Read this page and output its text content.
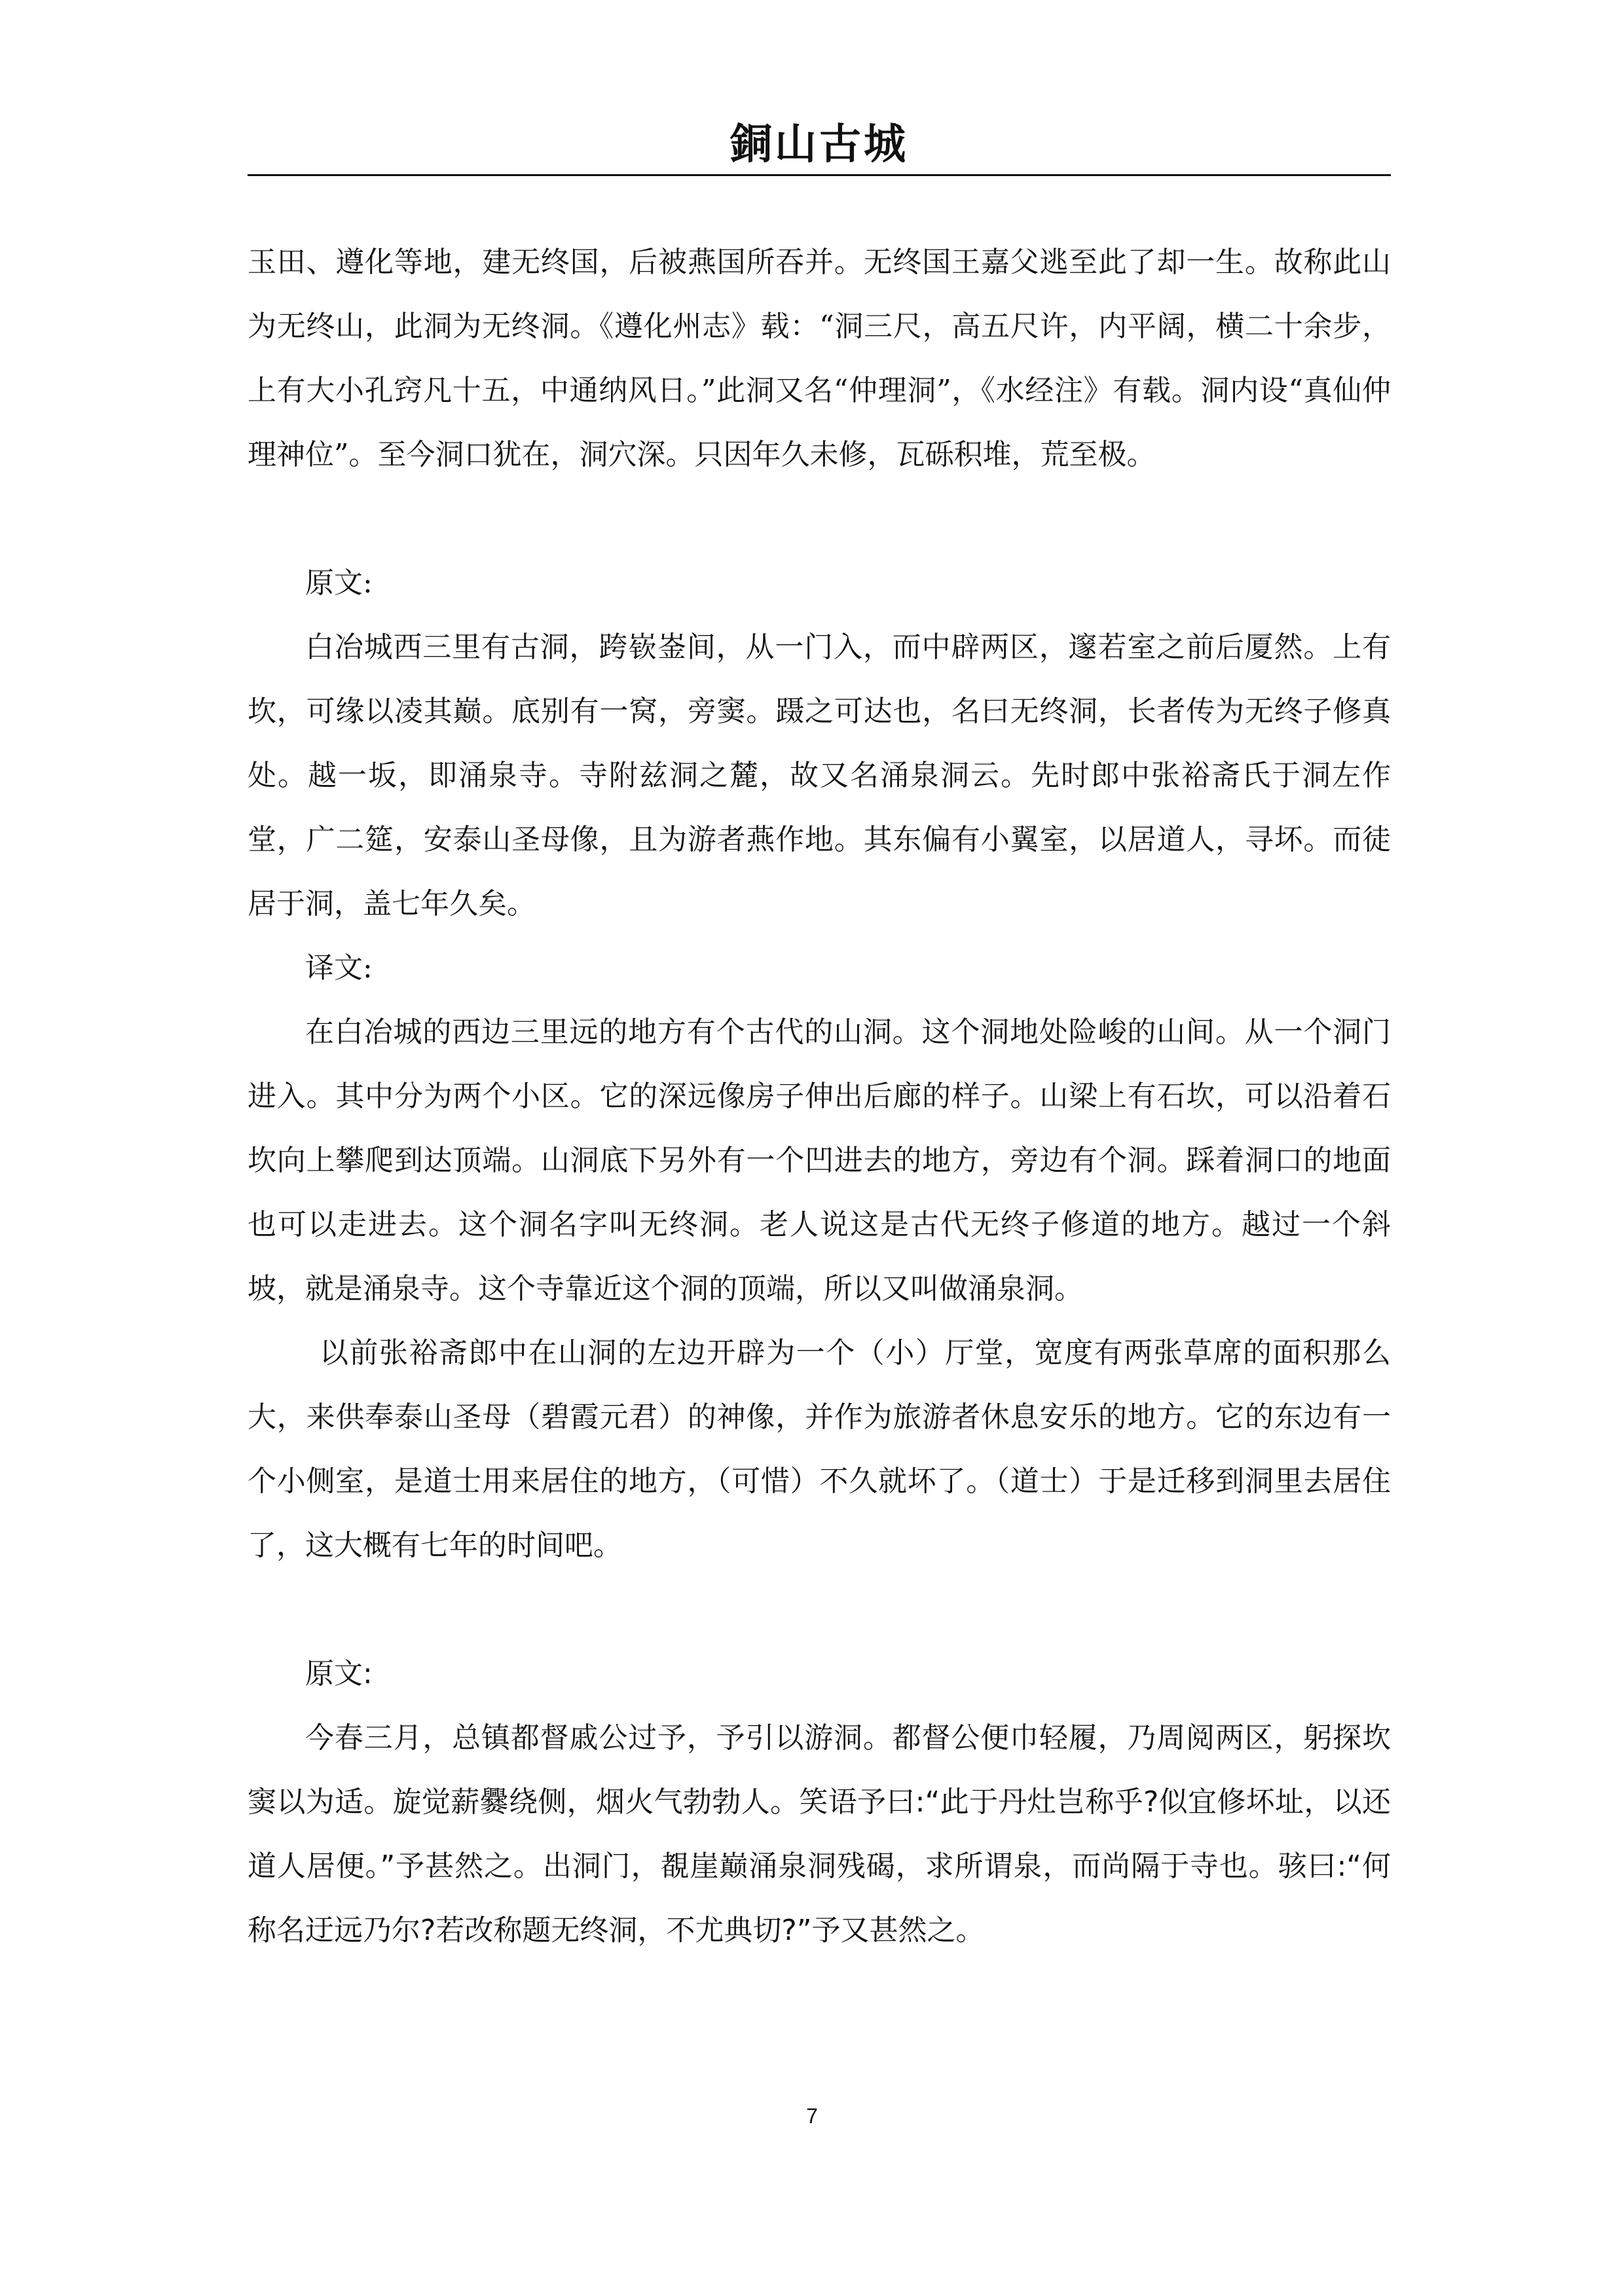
銅山古城

玉田、遵化等地，建无终国，后被燕国所吞并。无终国王嘉父逃至此了却一生。故称此山为无终山，此洞为无终洞。《遵化州志》载：“洞三尺，高五尺许，内平阔，横二十余步，上有大小孔窍凡十五，中通纳风日。”此洞又名“仲理洞”，《水经注》有载。洞内设“真仙仲理神位”。至今洞口犹在，洞穴深。只因年久未修，瓦砾积堆，荒至极。

原文:

白冶城西三里有古洞，跨嵚崟间，从一门入，而中辟两区，邃若室之前后厦然。上有坎，可缘以凌其巅。底别有一窝，旁窦。蹑之可达也，名曰无终洞，长者传为无终子修真处。越一坂，即涌泉寺。寺附兹洞之麓，故又名涌泉洞云。先时郎中张裕斋氏于洞左作堂，广二筵，安泰山圣母像，且为游者燕作地。其东偏有小翼室，以居道人，寻坏。而徒居于洞，盖七年久矣。

译文:

在白冶城的西边三里远的地方有个古代的山洞。这个洞地处险峻的山间。从一个洞门进入。其中分为两个小区。它的深远像房子伸出后廊的样子。山梁上有石坎，可以沿着石坎向上攀爬到达顶端。山洞底下另外有一个凹进去的地方，旁边有个洞。踩着洞口的地面也可以走进去。这个洞名字叫无终洞。老人说这是古代无终子修道的地方。越过一个斜坡，就是涌泉寺。这个寺靠近这个洞的顶端，所以又叫做涌泉洞。

以前张裕斋郎中在山洞的左边开辟为一个（小）厅堂，宽度有两张草席的面积那么大，来供奉泰山圣母（碧霞元君）的神像，并作为旅游者休息安乐的地方。它的东边有一个小侧室，是道士用来居住的地方，（可惜）不久就坏了。（道士）于是迁移到洞里去居住了，这大概有七年的时间吧。

原文:

今春三月，总镇都督戚公过予，予引以游洞。都督公便巾轻履，乃周阅两区，躬探坎窦以为适。旋觉薪爨绕侧，烟火气勃勃人。笑语予曰:“此于丹灶岂称乎?似宜修坏址，以还道人居便。”予甚然之。出洞门，覩崖巅涌泉洞残碣，求所谓泉，而尚隔于寺也。骇曰:“何称名迂远乃尔?若改称题无终洞，不尤典切?”予又甚然之。

7
